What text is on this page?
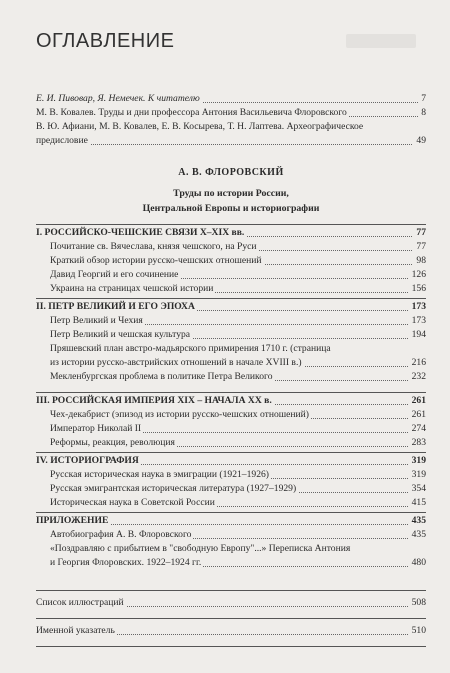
ОГЛАВЛЕНИЕ
Е. И. Пивовар, Я. Немечек. К читателю	7
М. В. Ковалев. Труды и дни профессора Антония Васильевича Флоровского	8
В. Ю. Афиани, М. В. Ковалев, Е. В. Косырева, Т. Н. Лаптева. Археографическое
предисловие	49
А. В. ФЛОРОВСКИЙ
Труды по истории России,
Центральной Европы и историографии
I. РОССИЙСКО-ЧЕШСКИЕ СВЯЗИ X–XIX вв.	77
Почитание св. Вячеслава, князя чешского, на Руси	77
Краткий обзор истории русско-чешских отношений	98
Давид Георгий и его сочинение	126
Украина на страницах чешской истории	156
II. ПЕТР ВЕЛИКИЙ И ЕГО ЭПОХА	173
Петр Великий и Чехия	173
Петр Великий и чешская культура	194
Пряшевский план австро-мадьярского примирения 1710 г. (страница
из истории русско-австрийских отношений в начале XVIII в.)	216
Мекленбургская проблема в политике Петра Великого	232
III. РОССИЙСКАЯ ИМПЕРИЯ XIX – НАЧАЛА XX в.	261
Чех-декабрист (эпизод из истории русско-чешских отношений)	261
Император Николай II	274
Реформы, реакция, революция	283
IV. ИСТОРИОГРАФИЯ	319
Русская историческая наука в эмиграции (1921–1926)	319
Русская эмигрантская историческая литература (1927–1929)	354
Историческая наука в Советской России	415
ПРИЛОЖЕНИЕ	435
Автобиография А. В. Флоровского	435
«Поздравляю с прибытием в "свободную Европу"...» Переписка Антония
и Георгия Флоровских. 1922–1924 гг.	480
Список иллюстраций	508
Именной указатель	510
